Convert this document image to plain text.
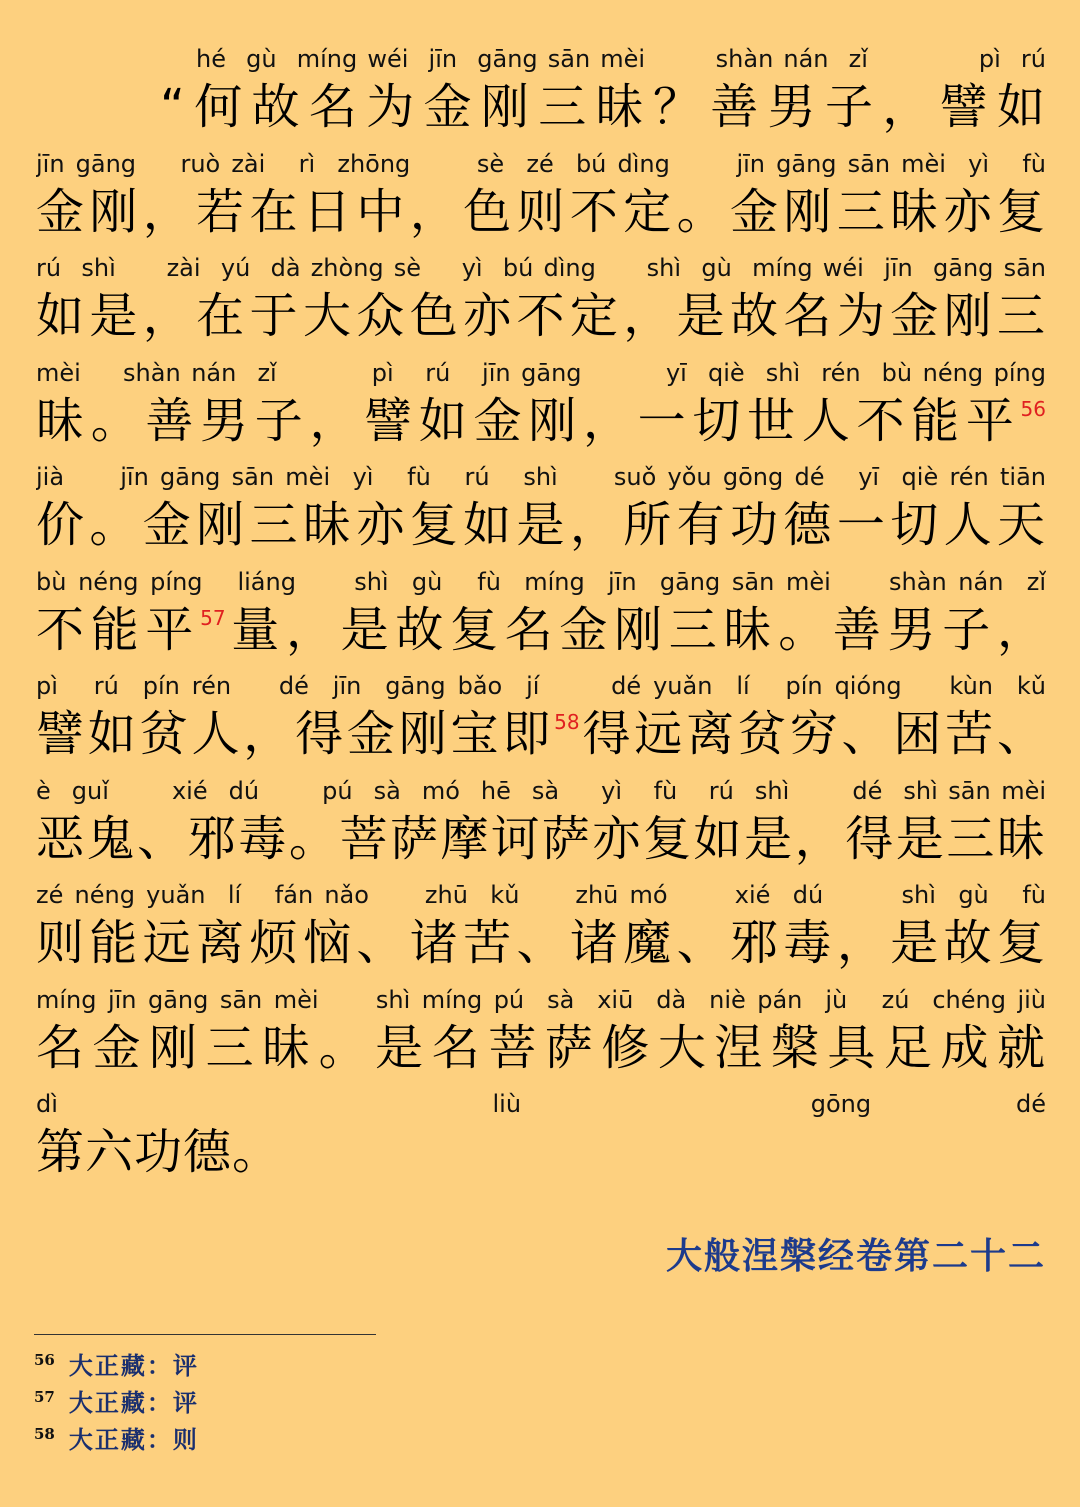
hé  gù  míng wéi  jīn  gāng sān mèi       shàn nán  zǐ           pì  rú
“何故名为金刚三昧？善男子，譬如
jīn gāng    ruò zài   rì  zhōng      sè  zé  bú dìng      jīn gāng sān mèi  yì   fù
金刚，若在日中，色则不定。金刚三昧亦复
rú  shì     zài  yú  dà zhòng sè    yì  bú dìng     shì  gù  míng wéi  jīn  gāng sān
如是，在于大众色亦不定，是故名为金刚三
mèi    shàn nán  zǐ         pì   rú   jīn gāng        yī  qiè  shì  rén  bù néng píng
昧。善男子，譬如金刚，一切世人不能平$^{56}$
jià     jīn gāng sān mèi  yì   fù   rú   shì     suǒ yǒu gōng dé   yī  qiè rén tiān
价。金刚三昧亦复如是，所有功德一切人天
bù néng píng   liáng     shì  gù   fù  míng  jīn  gāng sān mèi     shàn nán  zǐ
不能平$^{57}$量，是故复名金刚三昧。善男子，
pì   rú  pín rén    dé  jīn  gāng bǎo  jí      dé yuǎn  lí   pín qióng    kùn  kǔ
譬如贫人，得金刚宝即$^{58}$得远离贫穷、困苦、
è  guǐ      xié  dú      pú  sà  mó  hē  sà    yì   fù   rú  shì      dé  shì sān mèi
恶鬼、邪毒。菩萨摩诃萨亦复如是，得是三昧
zé néng yuǎn  lí   fán nǎo     zhū  kǔ     zhū mó      xié  dú       shì  gù   fù
则能远离烦恼、诸苦、诸魔、邪毒，是故复
míng jīn gāng sān mèi     shì míng pú  sà  xiū  dà  niè pán  jù   zú  chéng jiù
名金刚三昧。是名菩萨修大涅槃具足成就
dì   liù  gōng dé
第六功德。
大般涅槃经卷第二十二
$^{56}$ 大正藏：评
$^{57}$ 大正藏：评
$^{58}$ 大正藏：则
